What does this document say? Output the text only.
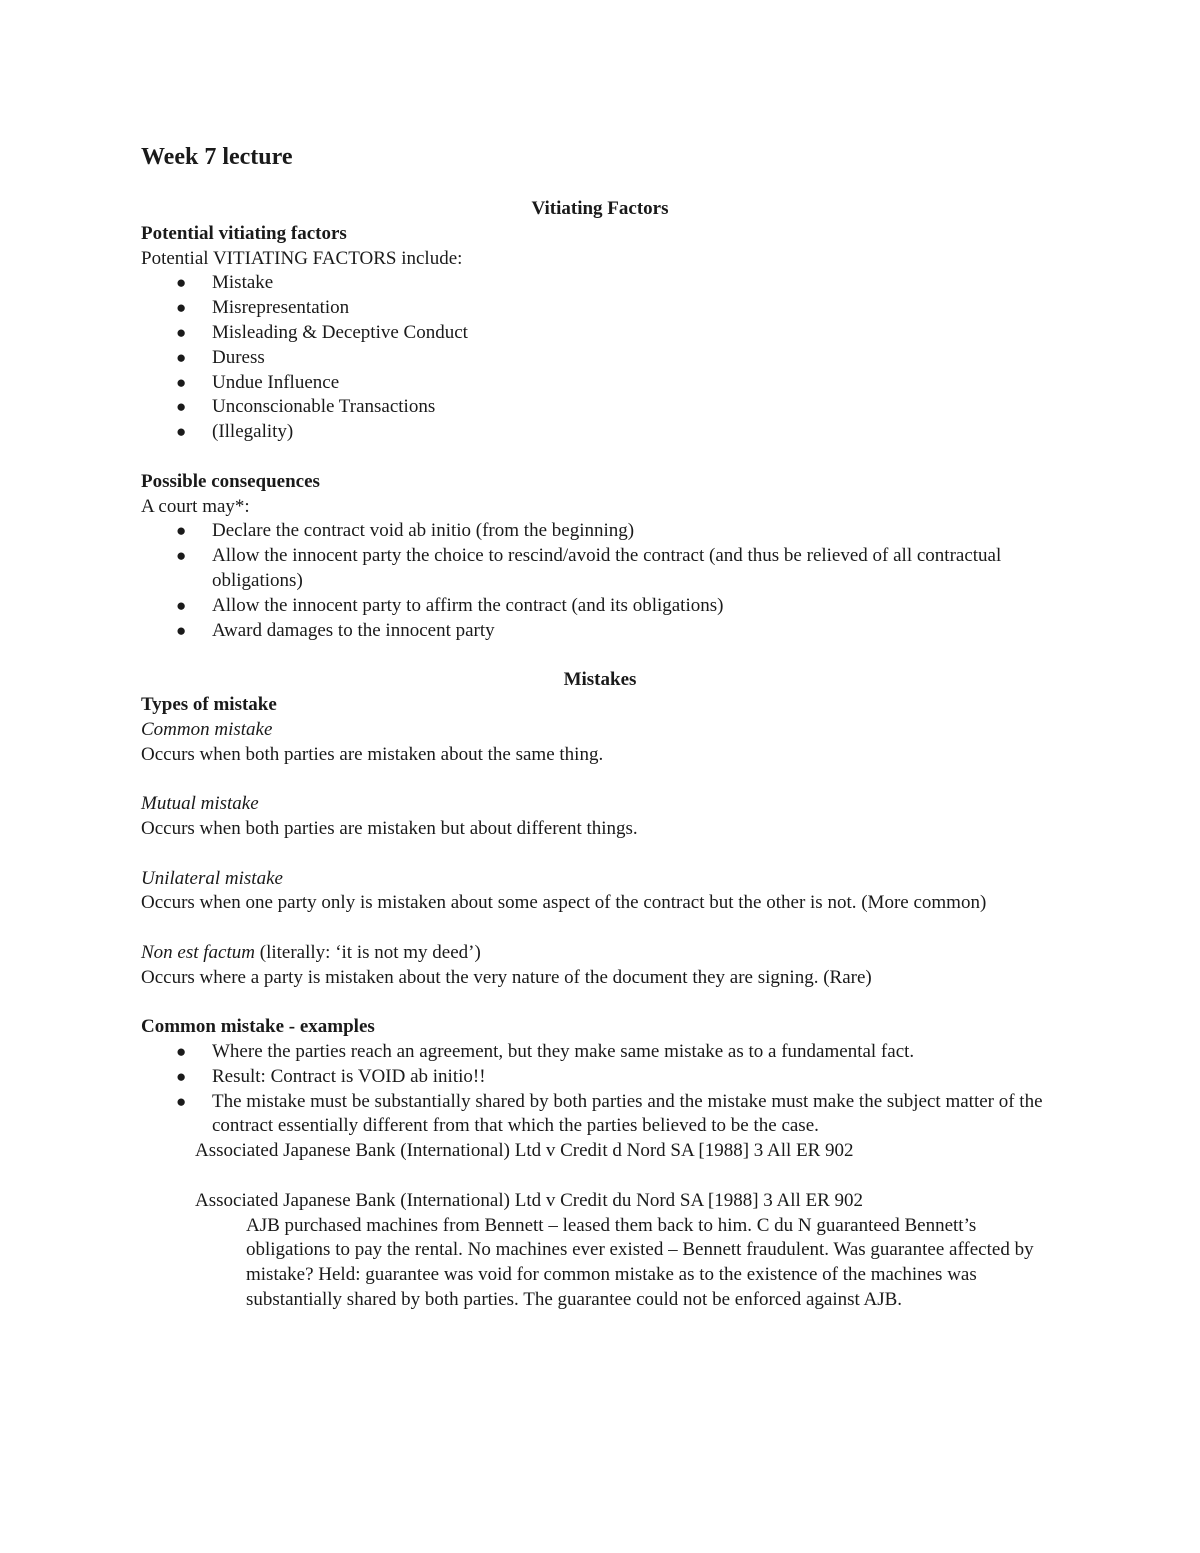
Week 7 lecture

Vitiating Factors

Potential vitiating factors

Potential VITIATING FACTORS include:

● Mistake
● Misrepresentation
● Misleading & Deceptive Conduct
● Duress
● Undue Influence
● Unconscionable Transactions
● (Illegality)

Possible consequences

A court may*:

● Declare the contract void ab initio (from the beginning)
● Allow the innocent party the choice to rescind/avoid the contract (and thus be relieved of all contractual obligations)
● Allow the innocent party to affirm the contract (and its obligations)
● Award damages to the innocent party

Mistakes

Types of mistake

Common mistake

Occurs when both parties are mistaken about the same thing.

Mutual mistake

Occurs when both parties are mistaken but about different things.

Unilateral mistake

Occurs when one party only is mistaken about some aspect of the contract but the other is not. (More common)

Non est factum (literally: ‘it is not my deed’)

Occurs where a party is mistaken about the very nature of the document they are signing. (Rare)

Common mistake - examples

● Where the parties reach an agreement, but they make same mistake as to a fundamental fact.
● Result: Contract is VOID ab initio!!
● The mistake must be substantially shared by both parties and the mistake must make the subject matter of the contract essentially different from that which the parties believed to be the case.

Associated Japanese Bank (International) Ltd v Credit d Nord SA [1988] 3 All ER 902

Associated Japanese Bank (International) Ltd v Credit du Nord SA [1988] 3 All ER 902

AJB purchased machines from Bennett – leased them back to him. C du N guaranteed Bennett’s obligations to pay the rental. No machines ever existed – Bennett fraudulent. Was guarantee affected by mistake? Held: guarantee was void for common mistake as to the existence of the machines was substantially shared by both parties. The guarantee could not be enforced against AJB.
